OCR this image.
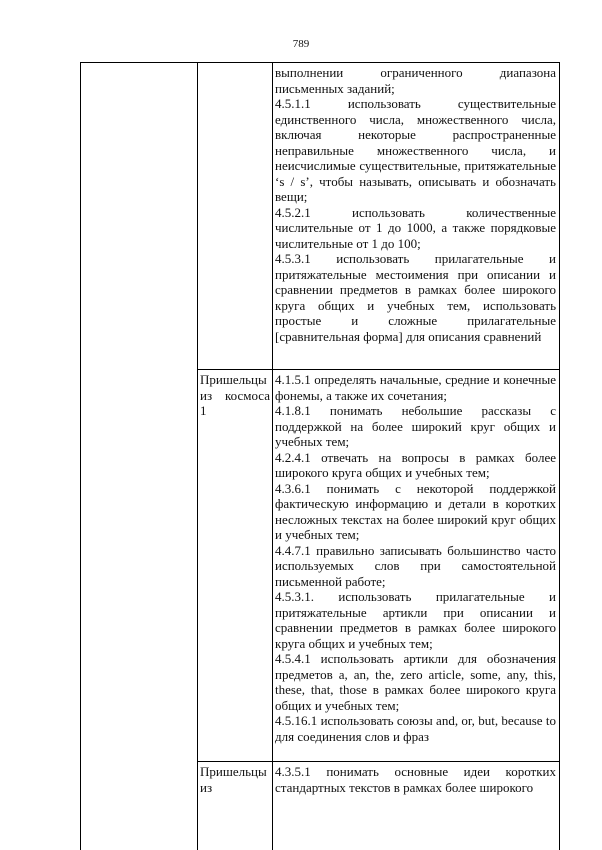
789

выполнении ограниченного диапазона письменных заданий;

4.5.1.1 использовать существительные единственного числа, множественного числа, включая некоторые распространенные неправильные множественного числа, и неисчислимые существительные, притяжательные ‘s / s’, чтобы называть, описывать и обозначать вещи;

4.5.2.1 использовать количественные числительные от 1 до 1000, а также порядковые числительные от 1 до 100;

4.5.3.1 использовать прилагательные и притяжательные местоимения при описании и сравнении предметов в рамках более широкого круга общих и учебных тем, использовать простые и сложные прилагательные [сравнительная форма] для описания сравнений

Пришельцы из космоса 1

4.1.5.1 определять начальные, средние и конечные фонемы, а также их сочетания;

4.1.8.1 понимать небольшие рассказы с поддержкой на более широкий круг общих и учебных тем;

4.2.4.1 отвечать на вопросы в рамках более широкого круга общих и учебных тем;

4.3.6.1 понимать с некоторой поддержкой фактическую информацию и детали в коротких несложных текстах на более широкий круг общих и учебных тем;

4.4.7.1 правильно записывать большинство часто используемых слов при самостоятельной письменной работе;

4.5.3.1. использовать прилагательные и притяжательные артикли при описании и сравнении предметов в рамках более широкого круга общих и учебных тем;

4.5.4.1 использовать артикли для обозначения предметов a, an, the, zero article, some, any, this, these, that, those в рамках более широкого круга общих и учебных тем;

4.5.16.1 использовать союзы and, or, but, because to для соединения слов и фраз

Пришельцы из

4.3.5.1 понимать основные идеи коротких стандартных текстов в рамках более широкого
